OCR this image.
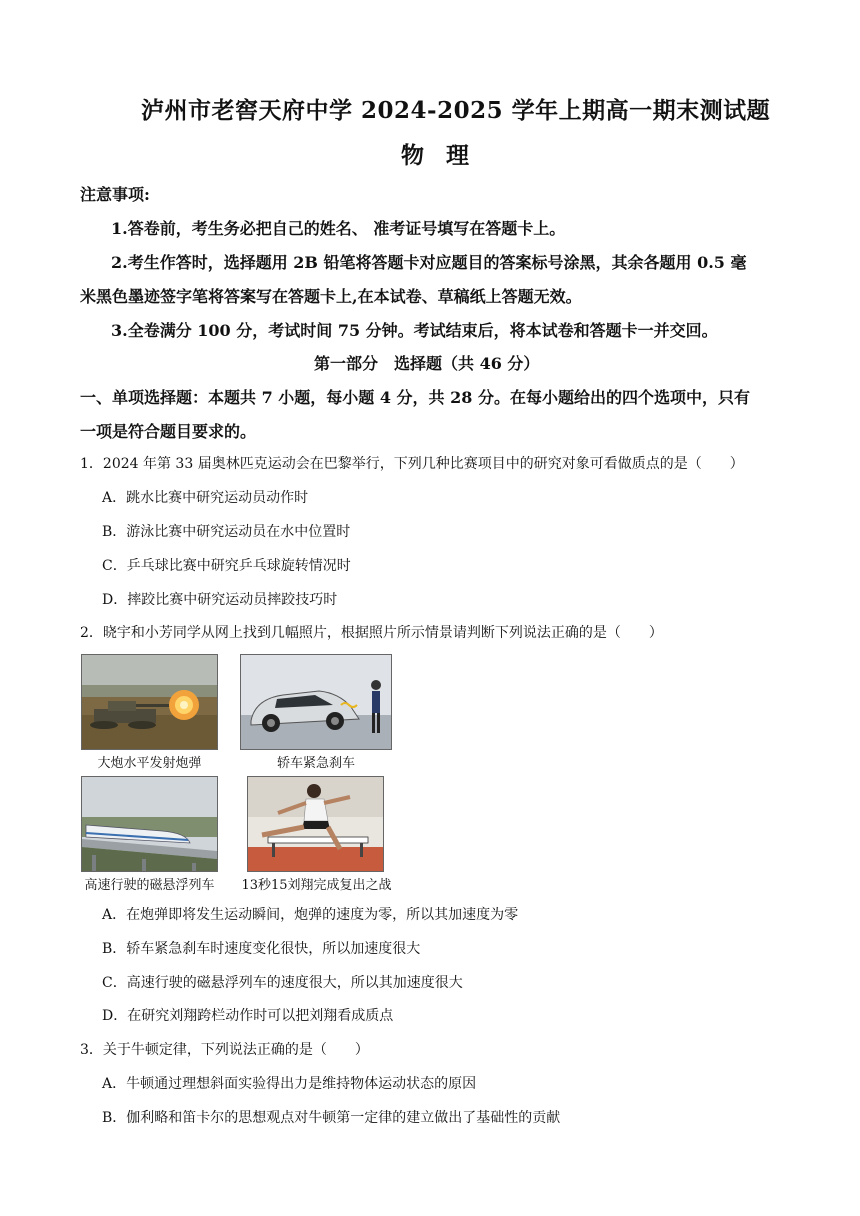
泸州市老窖天府中学 2024-2025 学年上期高一期末测试题
物理
注意事项:
1.答卷前，考生务必把自己的姓名、 准考证号填写在答题卡上。
2.考生作答时，选择题用 2B 铅笔将答题卡对应题目的答案标号涂黑，其余各题用 0.5 毫
米黑色墨迹签字笔将答案写在答题卡上,在本试卷、草稿纸上答题无效。
3.全卷满分 100 分，考试时间 75 分钟。考试结束后，将本试卷和答题卡一并交回。
第一部分　选择题（共 46 分）
一、单项选择题：本题共 7 小题，每小题 4 分，共 28 分。在每小题给出的四个选项中，只有
一项是符合题目要求的。
1．2024 年第 33 届奥林匹克运动会在巴黎举行，下列几种比赛项目中的研究对象可看做质点的是（　　）
A．跳水比赛中研究运动员动作时
B．游泳比赛中研究运动员在水中位置时
C．乒乓球比赛中研究乒乓球旋转情况时
D．摔跤比赛中研究运动员摔跤技巧时
2．晓宇和小芳同学从网上找到几幅照片，根据照片所示情景请判断下列说法正确的是（　　）
大炮水平发射炮弹	轿车紧急刹车
高速行驶的磁悬浮列车	13秒15刘翔完成复出之战
A．在炮弹即将发生运动瞬间，炮弹的速度为零，所以其加速度为零
B．轿车紧急刹车时速度变化很快，所以加速度很大
C．高速行驶的磁悬浮列车的速度很大，所以其加速度很大
D．在研究刘翔跨栏动作时可以把刘翔看成质点
3．关于牛顿定律，下列说法正确的是（　　）
A．牛顿通过理想斜面实验得出力是维持物体运动状态的原因
B．伽利略和笛卡尔的思想观点对牛顿第一定律的建立做出了基础性的贡献
